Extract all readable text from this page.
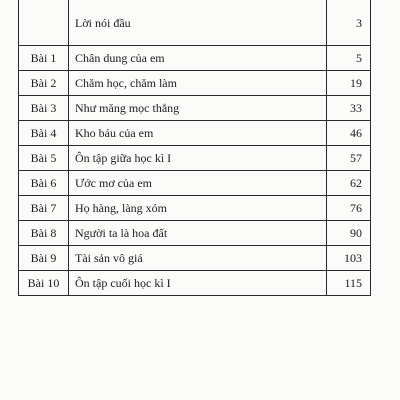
	Lời nói đầu	3
Bài 1	Chân dung của em	5
Bài 2	Chăm học, chăm làm	19
Bài 3	Như măng mọc thẳng	33
Bài 4	Kho báu của em	46
Bài 5	Ôn tập giữa học kì I	57
Bài 6	Ước mơ của em	62
Bài 7	Họ hàng, làng xóm	76
Bài 8	Người ta là hoa đất	90
Bài 9	Tài sản vô giá	103
Bài 10	Ôn tập cuối học kì I	115
